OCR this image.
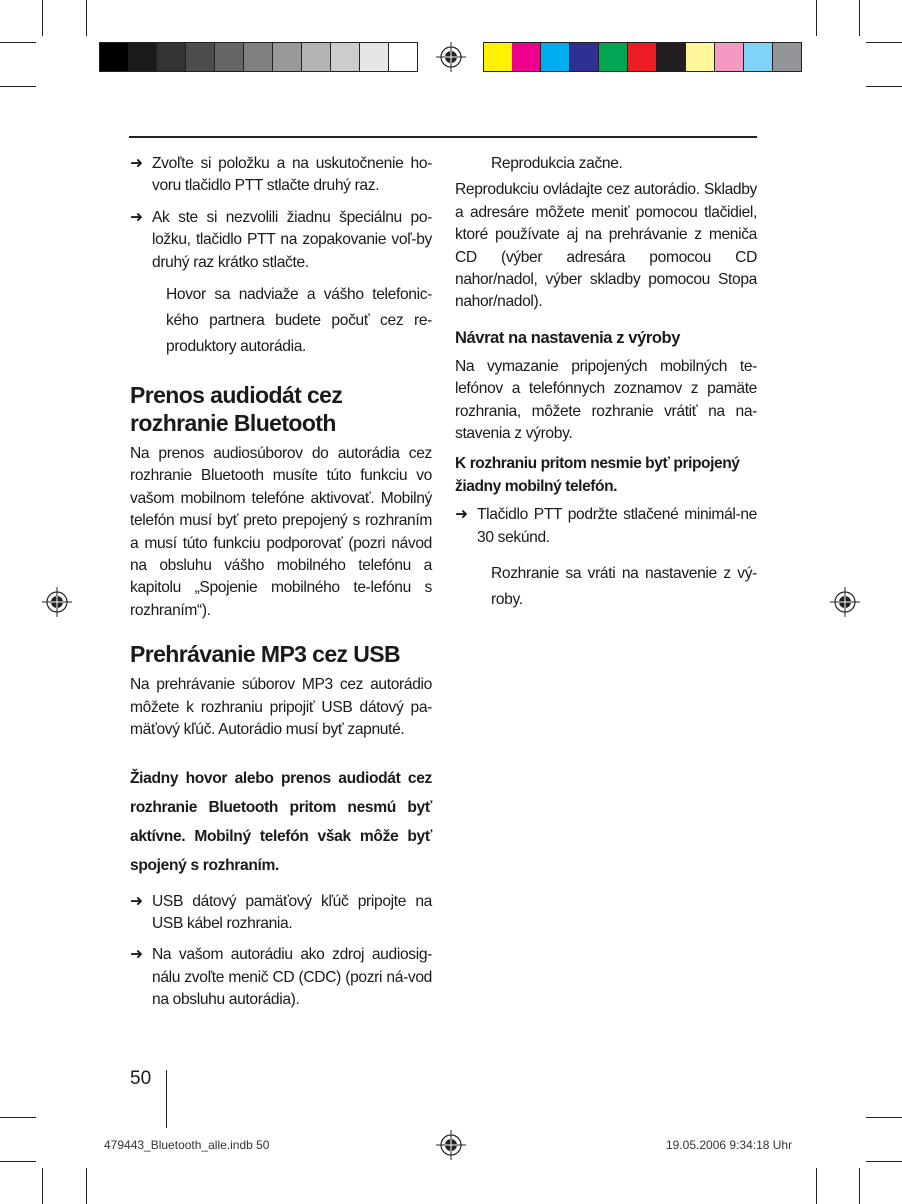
➜ Zvoľte si položku a na uskutočnenie ho-voru tlačidlo PTT stlačte druhý raz.
➜ Ak ste si nezvolili žiadnu špeciálnu po-ložku, tlačidlo PTT na zopakovanie voľ-by druhý raz krátko stlačte.

Hovor sa nadviaže a vášho telefonic-kého partnera budete počuť cez re-produktory autorádia.

Prenos audiodát cez rozhranie Bluetooth

Na prenos audiosúborov do autorádia cez rozhranie Bluetooth musíte túto funkciu vo vašom mobilnom telefóne aktivovať. Mobilný telefón musí byť preto prepojený s rozhraním a musí túto funkciu podporovať (pozri návod na obsluhu vášho mobilného telefónu a kapitolu „Spojenie mobilného te-lefónu s rozhraním“).

Prehrávanie MP3 cez USB

Na prehrávanie súborov MP3 cez autorádio môžete k rozhraniu pripojiť USB dátový pa-mäťový kľúč. Autorádio musí byť zapnuté.

Žiadny hovor alebo prenos audiodát cez rozhranie Bluetooth pritom nesmú byť aktívne. Mobilný telefón však môže byť spojený s rozhraním.

➜ USB dátový pamäťový kľúč pripojte na USB kábel rozhrania.
➜ Na vašom autorádiu ako zdroj audiosig-nálu zvoľte menič CD (CDC) (pozri ná-vod na obsluhu autorádia).

Reprodukcia začne.

Reprodukciu ovládajte cez autorádio. Skladby a adresáre môžete meniť pomocou tlačidiel, ktoré používate aj na prehrávanie z meniča CD (výber adresára pomocou CD nahor/nadol, výber skladby pomocou Stopa nahor/nadol).

Návrat na nastavenia z výroby

Na vymazanie pripojených mobilných te-lefónov a telefónnych zoznamov z pamäte rozhrania, môžete rozhranie vrátiť na na-stavenia z výroby.

K rozhraniu pritom nesmie byť pripojený žiadny mobilný telefón.

➜ Tlačidlo PTT podržte stlačené minimál-ne 30 sekúnd.

Rozhranie sa vráti na nastavenie z vý-roby.

50
479443_Bluetooth_alle.indb 50	19.05.2006 9:34:18 Uhr
